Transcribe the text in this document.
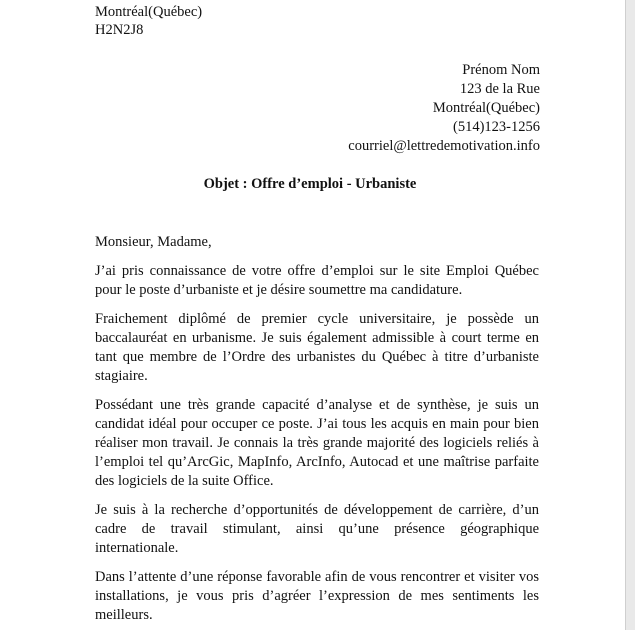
Montréal(Québec)
H2N2J8
Prénom Nom
123 de la Rue
Montréal(Québec)
(514)123-1256
courriel@lettredemotivation.info
Objet : Offre d’emploi - Urbaniste

Monsieur, Madame,

J’ai pris connaissance de votre offre d’emploi sur le site Emploi Québec pour le poste d’urbaniste et je désire soumettre ma candidature.

Fraichement diplômé de premier cycle universitaire, je possède un baccalauréat en urbanisme. Je suis également admissible à court terme en tant que membre de l’Ordre des urbanistes du Québec à titre d’urbaniste stagiaire.

Possédant une très grande capacité d’analyse et de synthèse, je suis un candidat idéal pour occuper ce poste. J’ai tous les acquis en main pour bien réaliser mon travail. Je connais la très grande majorité des logiciels reliés à l’emploi tel qu’ArcGic, MapInfo, ArcInfo, Autocad et une maîtrise parfaite des logiciels de la suite Office.

Je suis à la recherche d’opportunités de développement de carrière, d’un cadre de travail stimulant, ainsi qu’une présence géographique internationale.

Dans l’attente d’une réponse favorable afin de vous rencontrer et visiter vos installations, je vous pris d’agréer l’expression de mes sentiments les meilleurs.
